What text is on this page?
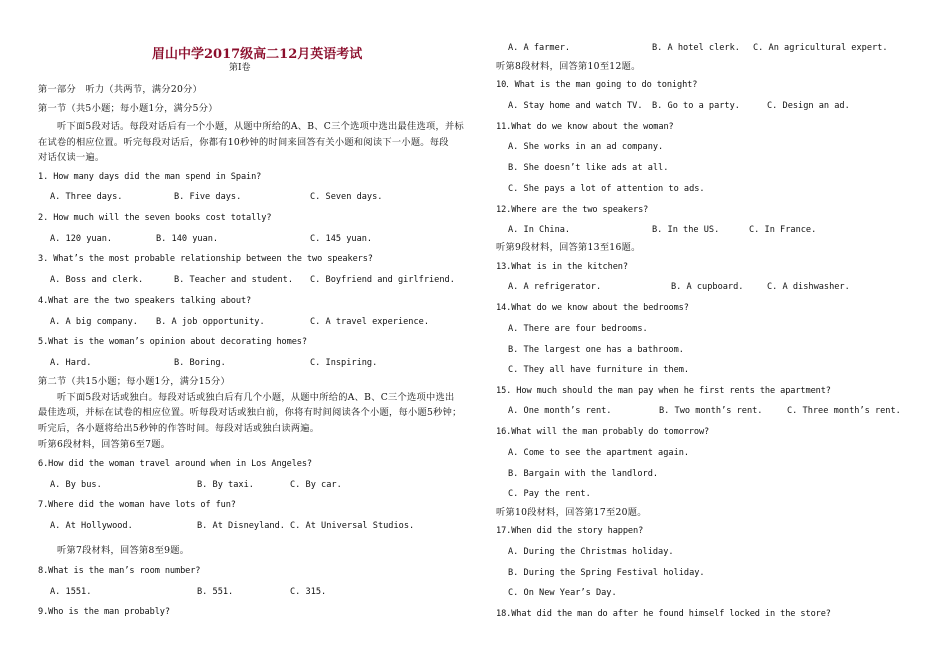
眉山中学2017级高二12月英语考试
第Ⅰ卷
第一部分　听力（共两节，满分20分）
第一节（共5小题；每小题1分，满分5分）
　　听下面5段对话。每段对话后有一个小题，从题中所给的A、B、C三个选项中选出最佳选项，并标
在试卷的相应位置。听完每段对话后，你都有10秒钟的时间来回答有关小题和阅读下一小题。每段
对话仅读一遍。
1. How many days did the man spend in Spain?
A. Three days.	B. Five days.	C. Seven days.
2. How much will the seven books cost totally?
A. 120 yuan.	B. 140 yuan.	C. 145 yuan.
3. What’s the most probable relationship between the two speakers?
A. Boss and clerk.	B. Teacher and student. C. Boyfriend and girlfriend.
4.What are the two speakers talking about?
A. A big company. B. A job opportunity.	C. A travel experience.
5.What is the woman’s opinion about decorating homes?
A. Hard.	B. Boring.	C. Inspiring.
第二节（共15小题；每小题1分，满分15分）
　　听下面5段对话或独白。每段对话或独白后有几个小题，从题中所给的A、B、C三个选项中选出
最佳选项，并标在试卷的相应位置。听每段对话或独白前，你将有时间阅读各个小题，每小题5秒钟；
听完后，各小题将给出5秒钟的作答时间。每段对话或独白读两遍。
听第6段材料，回答第6至7题。
6.How did the woman travel around when in Los Angeles?
A. By bus.	B. By taxi.	C. By car.
7.Where did the woman have lots of fun?
A. At Hollywood.	B. At Disneyland. C. At Universal Studios.
　　听第7段材料，回答第8至9题。
8.What is the man’s room number?
A. 1551.	B. 551.	C. 315.
9.Who is the man probably?
A. A farmer.	B. A hotel clerk. C. An agricultural expert.
听第8段材料，回答第10至12题。
10．What is the man going to do tonight?
A. Stay home and watch TV. B. Go to a party.	C. Design an ad.
11.What do we know about the woman?
A. She works in an ad company.
B. She doesn’t like ads at all.
C. She pays a lot of attention to ads.
12.Where are the two speakers?
A. In China.	B. In the US.	C. In France.
听第9段材料，回答第13至16题。
13.What is in the kitchen?
A. A refrigerator.	B. A cupboard.	C. A dishwasher.
14.What do we know about the bedrooms?
A. There are four bedrooms.
B. The largest one has a bathroom.
C. They all have furniture in them.
15. How much should the man pay when he first rents the apartment?
A. One month’s rent.	B. Two month’s rent.	C. Three month’s rent.
16.What will the man probably do tomorrow?
A. Come to see the apartment again.
B. Bargain with the landlord.
C. Pay the rent.
听第10段材料，回答第17至20题。
17.When did the story happen?
A. During the Christmas holiday.
B. During the Spring Festival holiday.
C. On New Year’s Day.
18.What did the man do after he found himself locked in the store?
